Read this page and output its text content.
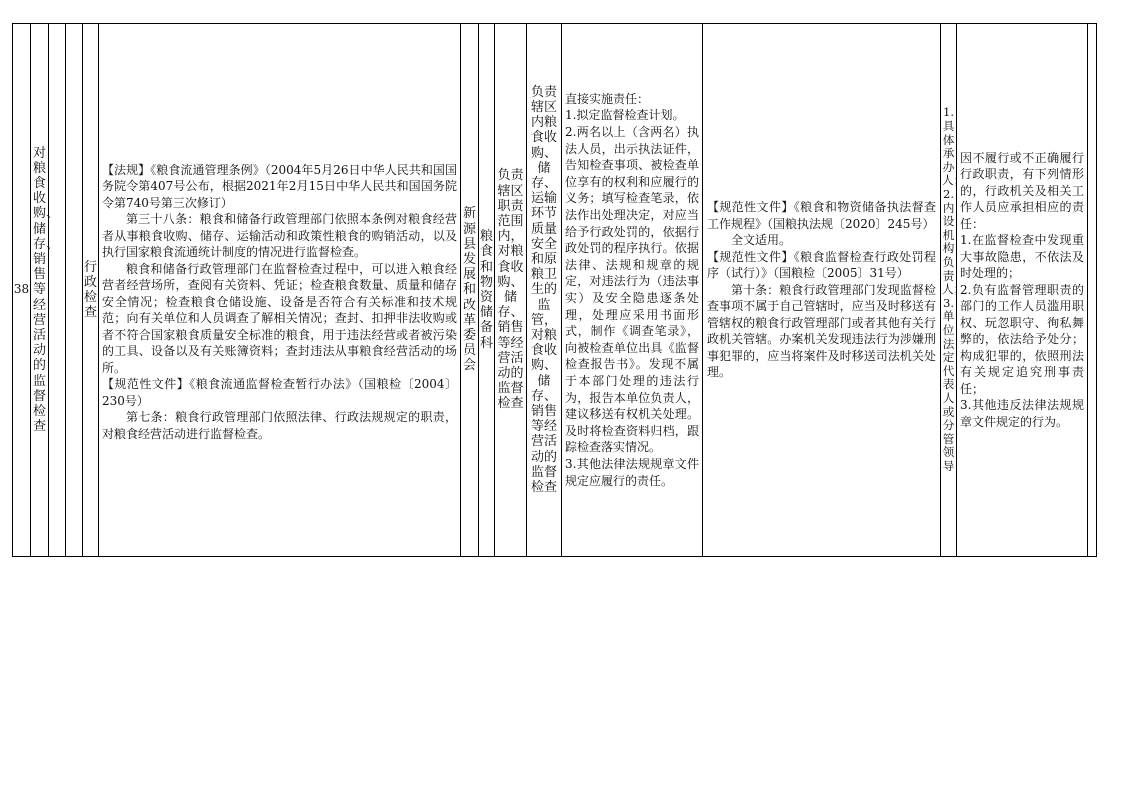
38
对粮食收购、储存、销售等经营活动的监督检查
行政检查

【法规】《粮食流通管理条例》（2004年5月26日中华人民共和国国务院令第407号公布，根据2021年2月15日中华人民共和国国务院令第740号第三次修订）

第三十八条：粮食和储备行政管理部门依照本条例对粮食经营者从事粮食收购、储存、运输活动和政策性粮食的购销活动，以及执行国家粮食流通统计制度的情况进行监督检查。

粮食和储备行政管理部门在监督检查过程中，可以进入粮食经营者经营场所，查阅有关资料、凭证；检查粮食数量、质量和储存安全情况；检查粮食仓储设施、设备是否符合有关标准和技术规范；向有关单位和人员调查了解相关情况；查封、扣押非法收购或者不符合国家粮食质量安全标准的粮食，用于违法经营或者被污染的工具、设备以及有关账簿资料；查封违法从事粮食经营活动的场所。

【规范性文件】《粮食流通监督检查暂行办法》（国粮检〔2004〕230号）

第七条：粮食行政管理部门依照法律、行政法规规定的职责，对粮食经营活动进行监督检查。

新源县发展和改革委员会
粮食和物资储备科
负责辖区职责范围内，对粮食收购、储存、销售等经营活动的监督检查
负责辖区内粮食收购、储存、运输环节质量安全和原粮卫生的监管，对粮食收购、储存、销售等经营活动的监督检查
直接实施责任：
1.拟定监督检查计划。
2.两名以上（含两名）执法人员，出示执法证件，告知检查事项、被检查单位享有的权利和应履行的义务；填写检查笔录，依法作出处理决定，对应当给予行政处罚的，依据行政处罚的程序执行。依据法律、法规和规章的规定，对违法行为（违法事实）及安全隐患逐条处理，处理应采用书面形式，制作《调查笔录》，向被检查单位出具《监督检查报告书》。发现不属于本部门处理的违法行为，报告本单位负责人，建议移送有权机关处理。及时将检查资料归档，跟踪检查落实情况。
3.其他法律法规规章文件规定应履行的责任。

【规范性文件】《粮食和物资储备执法督查工作规程》（国粮执法规〔2020〕245号）

全文适用。

【规范性文件】《粮食监督检查行政处罚程序（试行）》（国粮检〔2005〕31号）

第十条：粮食行政管理部门发现监督检查事项不属于自己管辖时，应当及时移送有管辖权的粮食行政管理部门或者其他有关行政机关管辖。办案机关发现违法行为涉嫌刑事犯罪的，应当将案件及时移送司法机关处理。

1.具体承办人；2.内设机构负责人；3.单位法定代表人或分管领导
因不履行或不正确履行行政职责，有下列情形的，行政机关及相关工作人员应承担相应的责任：
1.在监督检查中发现重大事故隐患，不依法及时处理的；
2.负有监督管理职责的部门的工作人员滥用职权、玩忽职守、徇私舞弊的，依法给予处分；构成犯罪的，依照刑法有关规定追究刑事责任；
3.其他违反法律法规规章文件规定的行为。
